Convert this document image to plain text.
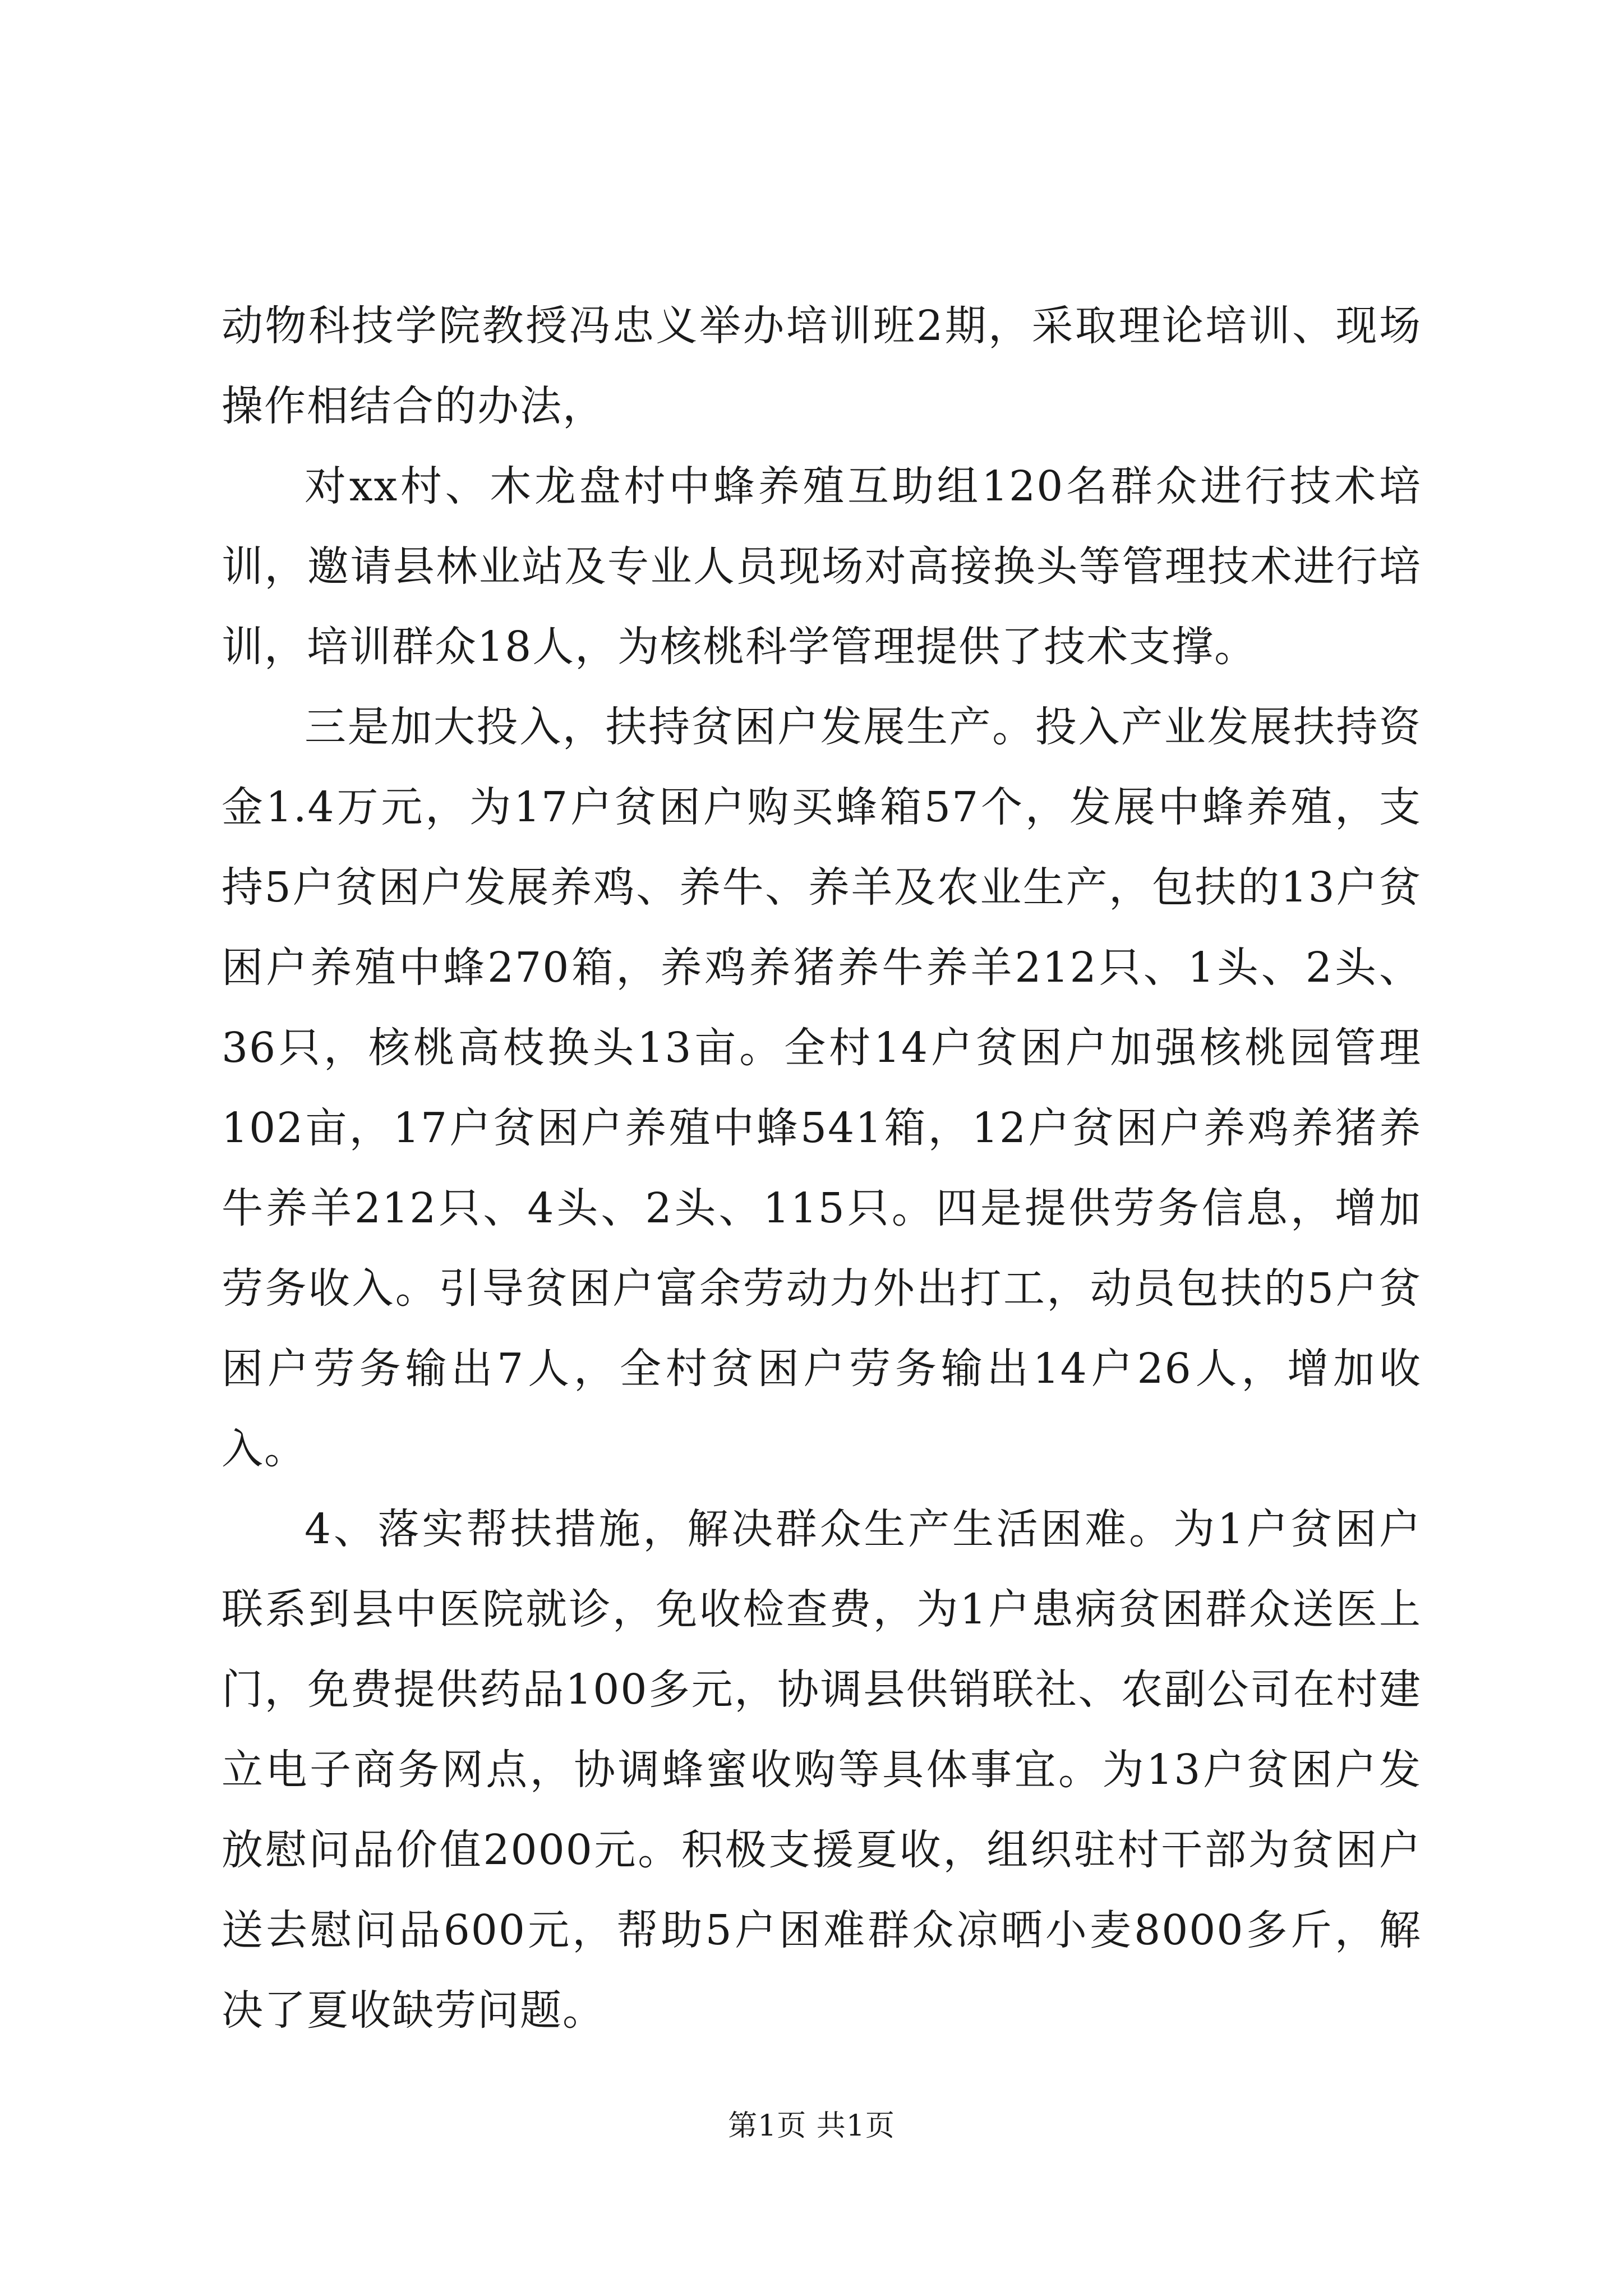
动物科技学院教授冯忠义举办培训班2期，采取理论培训、现场操作相结合的办法，

对xx村、木龙盘村中蜂养殖互助组120名群众进行技术培训，邀请县林业站及专业人员现场对高接换头等管理技术进行培训，培训群众18人，为核桃科学管理提供了技术支撑。

三是加大投入，扶持贫困户发展生产。投入产业发展扶持资金1.4万元，为17户贫困户购买蜂箱57个，发展中蜂养殖，支持5户贫困户发展养鸡、养牛、养羊及农业生产，包扶的13户贫困户养殖中蜂270箱，养鸡养猪养牛养羊212只、1头、2头、36只，核桃高枝换头13亩。全村14户贫困户加强核桃园管理102亩，17户贫困户养殖中蜂541箱，12户贫困户养鸡养猪养牛养羊212只、4头、2头、115只。四是提供劳务信息，增加劳务收入。引导贫困户富余劳动力外出打工，动员包扶的5户贫困户劳务输出7人，全村贫困户劳务输出14户26人，增加收入。

4、落实帮扶措施，解决群众生产生活困难。为1户贫困户联系到县中医院就诊，免收检查费，为1户患病贫困群众送医上门，免费提供药品100多元，协调县供销联社、农副公司在村建立电子商务网点，协调蜂蜜收购等具体事宜。为13户贫困户发放慰问品价值2000元。积极支援夏收，组织驻村干部为贫困户送去慰问品600元，帮助5户困难群众凉晒小麦8000多斤，解决了夏收缺劳问题。

第1页 共1页
